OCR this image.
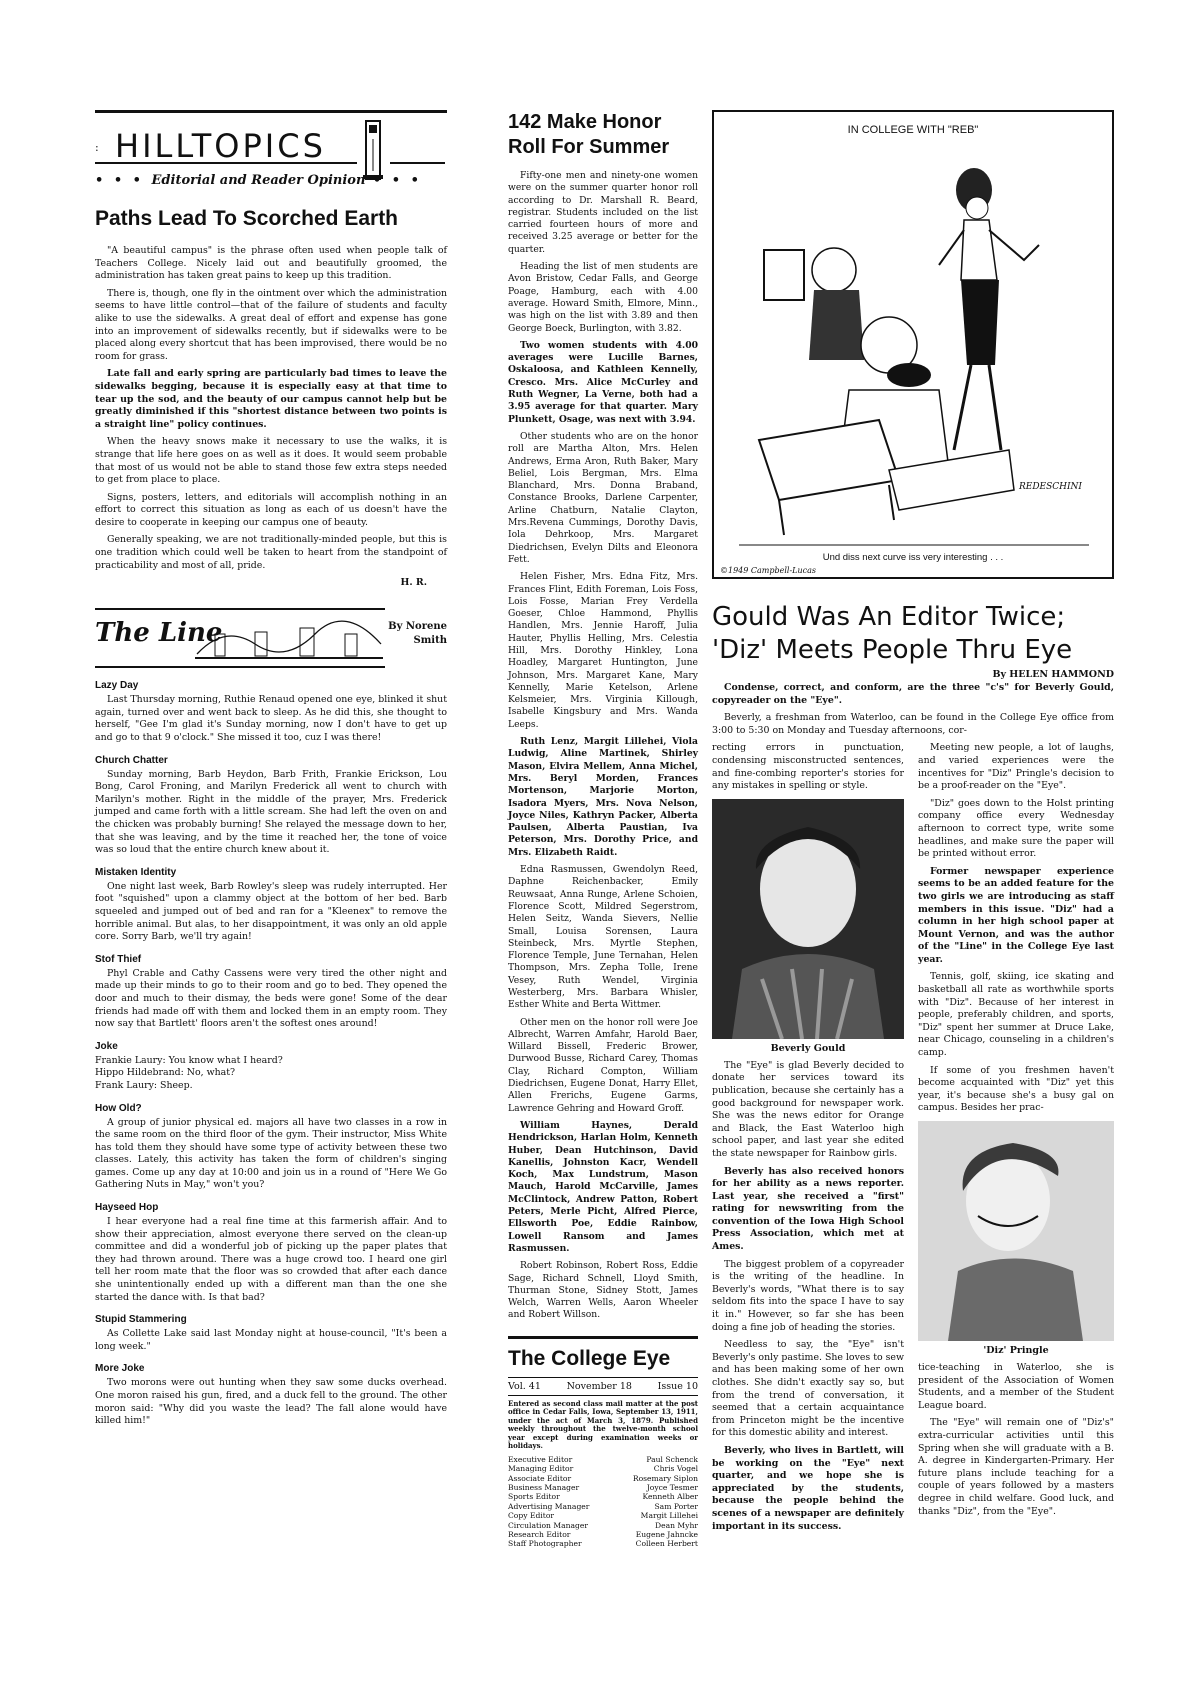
: HILLTOPICS
• • • Editorial and Reader Opinion • • •
Paths Lead To Scorched Earth

"A beautiful campus" is the phrase often used when people talk of Teachers College. Nicely laid out and beautifully groomed, the administration has taken great pains to keep up this tradition.

There is, though, one fly in the ointment over which the administration seems to have little control—that of the failure of students and faculty alike to use the sidewalks. A great deal of effort and expense has gone into an improvement of sidewalks recently, but if sidewalks were to be placed along every shortcut that has been improvised, there would be no room for grass.

Late fall and early spring are particularly bad times to leave the sidewalks begging, because it is especially easy at that time to tear up the sod, and the beauty of our campus cannot help but be greatly diminished if this "shortest distance between two points is a straight line" policy continues.

When the heavy snows make it necessary to use the walks, it is strange that life here goes on as well as it does. It would seem probable that most of us would not be able to stand those few extra steps needed to get from place to place.

Signs, posters, letters, and editorials will accomplish nothing in an effort to correct this situation as long as each of us doesn't have the desire to cooperate in keeping our campus one of beauty.

Generally speaking, we are not traditionally-minded people, but this is one tradition which could well be taken to heart from the standpoint of practicability and most of all, pride.

H. R.
The Line	By Norene
Smith
Lazy Day

Last Thursday morning, Ruthie Renaud opened one eye, blinked it shut again, turned over and went back to sleep. As he did this, she thought to herself, "Gee I'm glad it's Sunday morning, now I don't have to get up and go to that 9 o'clock." She missed it too, cuz I was there!

Church Chatter

Sunday morning, Barb Heydon, Barb Frith, Frankie Erickson, Lou Bong, Carol Froning, and Marilyn Frederick all went to church with Marilyn's mother. Right in the middle of the prayer, Mrs. Frederick jumped and came forth with a little scream. She had left the oven on and the chicken was probably burning! She relayed the message down to her, that she was leaving, and by the time it reached her, the tone of voice was so loud that the entire church knew about it.

Mistaken Identity

One night last week, Barb Rowley's sleep was rudely interrupted. Her foot "squished" upon a clammy object at the bottom of her bed. Barb squeeled and jumped out of bed and ran for a "Kleenex" to remove the horrible animal. But alas, to her disappointment, it was only an old apple core. Sorry Barb, we'll try again!

Stof Thief

Phyl Crable and Cathy Cassens were very tired the other night and made up their minds to go to their room and go to bed. They opened the door and much to their dismay, the beds were gone! Some of the dear friends had made off with them and locked them in an empty room. They now say that Bartlett' floors aren't the softest ones around!

Joke
Frankie Laury: You know what I heard?
Hippo Hildebrand: No, what?
Frank Laury: Sheep.
How Old?

A group of junior physical ed. majors all have two classes in a row in the same room on the third floor of the gym. Their instructor, Miss White has told them they should have some type of activity between these two classes. Lately, this activity has taken the form of children's singing games. Come up any day at 10:00 and join us in a round of "Here We Go Gathering Nuts in May," won't you?

Hayseed Hop

I hear everyone had a real fine time at this farmerish affair. And to show their appreciation, almost everyone there served on the clean-up committee and did a wonderful job of picking up the paper plates that they had thrown around. There was a huge crowd too. I heard one girl tell her room mate that the floor was so crowded that after each dance she unintentionally ended up with a different man than the one she started the dance with. Is that bad?

Stupid Stammering

As Collette Lake said last Monday night at house-council, "It's been a long week."

More Joke

Two morons were out hunting when they saw some ducks overhead. One moron raised his gun, fired, and a duck fell to the ground. The other moron said: "Why did you waste the lead? The fall alone would have killed him!"

142 Make Honor
Roll For Summer

Fifty-one men and ninety-one women were on the summer quarter honor roll according to Dr. Marshall R. Beard, registrar. Students included on the list carried fourteen hours of more and received 3.25 average or better for the quarter.

Heading the list of men students are Avon Bristow, Cedar Falls, and George Poage, Hamburg, each with 4.00 average. Howard Smith, Elmore, Minn., was high on the list with 3.89 and then George Boeck, Burlington, with 3.82.

Two women students with 4.00 averages were Lucille Barnes, Oskaloosa, and Kathleen Kennelly, Cresco. Mrs. Alice McCurley and Ruth Wegner, La Verne, both had a 3.95 average for that quarter. Mary Plunkett, Osage, was next with 3.94.

Other students who are on the honor roll are Martha Alton, Mrs. Helen Andrews, Erma Aron, Ruth Baker, Mary Beliel, Lois Bergman, Mrs. Elma Blanchard, Mrs. Donna Braband, Constance Brooks, Darlene Carpenter, Arline Chatburn, Natalie Clayton, Mrs.Revena Cummings, Dorothy Davis, Iola Dehrkoop, Mrs. Margaret Diedrichsen, Evelyn Dilts and Eleonora Fett.

Helen Fisher, Mrs. Edna Fitz, Mrs. Frances Flint, Edith Foreman, Lois Foss, Lois Fosse, Marian Frey Verdella Goeser, Chloe Hammond, Phyllis Handlen, Mrs. Jennie Haroff, Julia Hauter, Phyllis Helling, Mrs. Celestia Hill, Mrs. Dorothy Hinkley, Lona Hoadley, Margaret Huntington, June Johnson, Mrs. Margaret Kane, Mary Kennelly, Marie Ketelson, Arlene Kelsmeier, Mrs. Virginia Killough, Isabelle Kingsbury and Mrs. Wanda Leeps.

Ruth Lenz, Margit Lillehei, Viola Ludwig, Aline Martinek, Shirley Mason, Elvira Mellem, Anna Michel, Mrs. Beryl Morden, Frances Mortenson, Marjorie Morton, Isadora Myers, Mrs. Nova Nelson, Joyce Niles, Kathryn Packer, Alberta Paulsen, Alberta Paustian, Iva Peterson, Mrs. Dorothy Price, and Mrs. Elizabeth Raidt.

Edna Rasmussen, Gwendolyn Reed, Daphne Reichenbacker, Emily Reuwsaat, Anna Runge, Arlene Schoien, Florence Scott, Mildred Segerstrom, Helen Seitz, Wanda Sievers, Nellie Small, Louisa Sorensen, Laura Steinbeck, Mrs. Myrtle Stephen, Florence Temple, June Ternahan, Helen Thompson, Mrs. Zepha Tolle, Irene Vesey, Ruth Wendel, Virginia Westerberg, Mrs. Barbara Whisler, Esther White and Berta Wittmer.

Other men on the honor roll were Joe Albrecht, Warren Amfahr, Harold Baer, Willard Bissell, Frederic Brower, Durwood Busse, Richard Carey, Thomas Clay, Richard Compton, William Diedrichsen, Eugene Donat, Harry Ellet, Allen Frerichs, Eugene Garms, Lawrence Gehring and Howard Groff.

William Haynes, Derald Hendrickson, Harlan Holm, Kenneth Huber, Dean Hutchinson, David Kanellis, Johnston Kacr, Wendell Koch, Max Lundstrum, Mason Mauch, Harold McCarville, James McClintock, Andrew Patton, Robert Peters, Merle Picht, Alfred Pierce, Ellsworth Poe, Eddie Rainbow, Lowell Ransom and James Rasmussen.

Robert Robinson, Robert Ross, Eddie Sage, Richard Schnell, Lloyd Smith, Thurman Stone, Sidney Stott, James Welch, Warren Wells, Aaron Wheeler and Robert Willson.

The College Eye
Vol. 41	November 18	Issue 10
Entered as second class mail matter at the post office in Cedar Falls, Iowa, September 13, 1911, under the act of March 3, 1879. Published weekly throughout the twelve-month school year except during examination weeks or holidays.
Executive Editor	Paul Schenck
Managing Editor	Chris Vogel
Associate Editor	Rosemary Siplon
Business Manager	Joyce Tesmer
Sports Editor	Kenneth Alber
Advertising Manager	Sam Porter
Copy Editor	Margit Lillehei
Circulation Manager	Dean Myhr
Research Editor	Eugene Jahncke
Staff Photographer	Colleen Herbert
IN COLLEGE WITH "REB"
REDESCHINI
Und diss next curve iss very interesting . . .
©1949 Campbell-Lucas
Gould Was An Editor Twice;
'Diz' Meets People Thru Eye
By HELEN HAMMOND

Condense, correct, and conform, are the three "c's" for Beverly Gould, copyreader on the "Eye".

Beverly, a freshman from Waterloo, can be found in the College Eye office from 3:00 to 5:30 on Monday and Tuesday afternoons, cor-

recting errors in punctuation, condensing misconstructed sentences, and fine-combing reporter's stories for any mistakes in spelling or style.

Beverly Gould

The "Eye" is glad Beverly decided to donate her services toward its publication, because she certainly has a good background for newspaper work. She was the news editor for Orange and Black, the East Waterloo high school paper, and last year she edited the state newspaper for Rainbow girls.

Beverly has also received honors for her ability as a news reporter. Last year, she received a "first" rating for newswriting from the convention of the Iowa High School Press Association, which met at Ames.

The biggest problem of a copyreader is the writing of the headline. In Beverly's words, "What there is to say seldom fits into the space I have to say it in." However, so far she has been doing a fine job of heading the stories.

Needless to say, the "Eye" isn't Beverly's only pastime. She loves to sew and has been making some of her own clothes. She didn't exactly say so, but from the trend of conversation, it seemed that a certain acquaintance from Princeton might be the incentive for this domestic ability and interest.

Beverly, who lives in Bartlett, will be working on the "Eye" next quarter, and we hope she is appreciated by the students, because the people behind the scenes of a newspaper are definitely important in its success.

Meeting new people, a lot of laughs, and varied experiences were the incentives for "Diz" Pringle's decision to be a proof-reader on the "Eye".

"Diz" goes down to the Holst printing company office every Wednesday afternoon to correct type, write some headlines, and make sure the paper will be printed without error.

Former newspaper experience seems to be an added feature for the two girls we are introducing as staff members in this issue. "Diz" had a column in her high school paper at Mount Vernon, and was the author of the "Line" in the College Eye last year.

Tennis, golf, skiing, ice skating and basketball all rate as worthwhile sports with "Diz". Because of her interest in people, preferably children, and sports, "Diz" spent her summer at Druce Lake, near Chicago, counseling in a children's camp.

If some of you freshmen haven't become acquainted with "Diz" yet this year, it's because she's a busy gal on campus. Besides her prac-

'Diz' Pringle

tice-teaching in Waterloo, she is president of the Association of Women Students, and a member of the Student League board.

The "Eye" will remain one of "Diz's" extra-curricular activities until this Spring when she will graduate with a B. A. degree in Kindergarten-Primary. Her future plans include teaching for a couple of years followed by a masters degree in child welfare. Good luck, and thanks "Diz", from the "Eye".
